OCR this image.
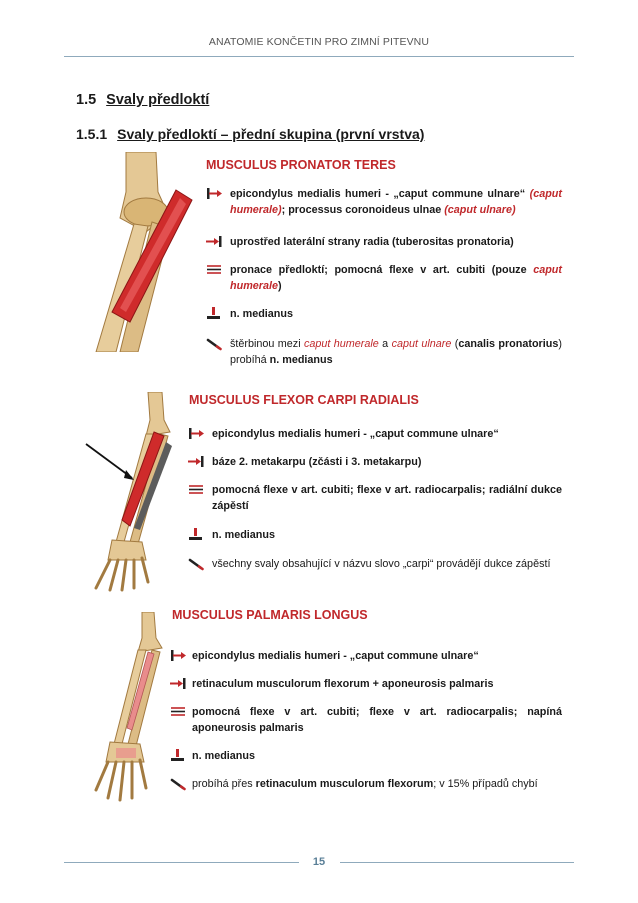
ANATOMIE KONČETIN PRO ZIMNÍ PITEVNU
1.5 Svaly předloktí
1.5.1 Svaly předloktí – přední skupina (první vrstva)
MUSCULUS PRONATOR TERES
epicondylus medialis humeri - „caput commune ulnare“ (caput humerale); processus coronoideus ulnae (caput ulnare)
uprostřed laterální strany radia (tuberositas pronatoria)
pronace předloktí; pomocná flexe v art. cubiti (pouze caput humerale)
n. medianus
štěrbinou mezi caput humerale a caput ulnare (canalis pronatorius) probíhá n. medianus
MUSCULUS FLEXOR CARPI RADIALIS
epicondylus medialis humeri - „caput commune ulnare“
báze 2. metakarpu (zčásti i 3. metakarpu)
pomocná flexe v art. cubiti; flexe v art. radiocarpalis; radiální dukce zápěstí
n. medianus
všechny svaly obsahující v názvu slovo „carpi“ provádějí dukce zápěstí
MUSCULUS PALMARIS LONGUS
epicondylus medialis humeri - „caput commune ulnare“
retinaculum musculorum flexorum + aponeurosis palmaris
pomocná flexe v art. cubiti; flexe v art. radiocarpalis; napíná aponeurosis palmaris
n. medianus
probíhá přes retinaculum musculorum flexorum; v 15% případů chybí
15
